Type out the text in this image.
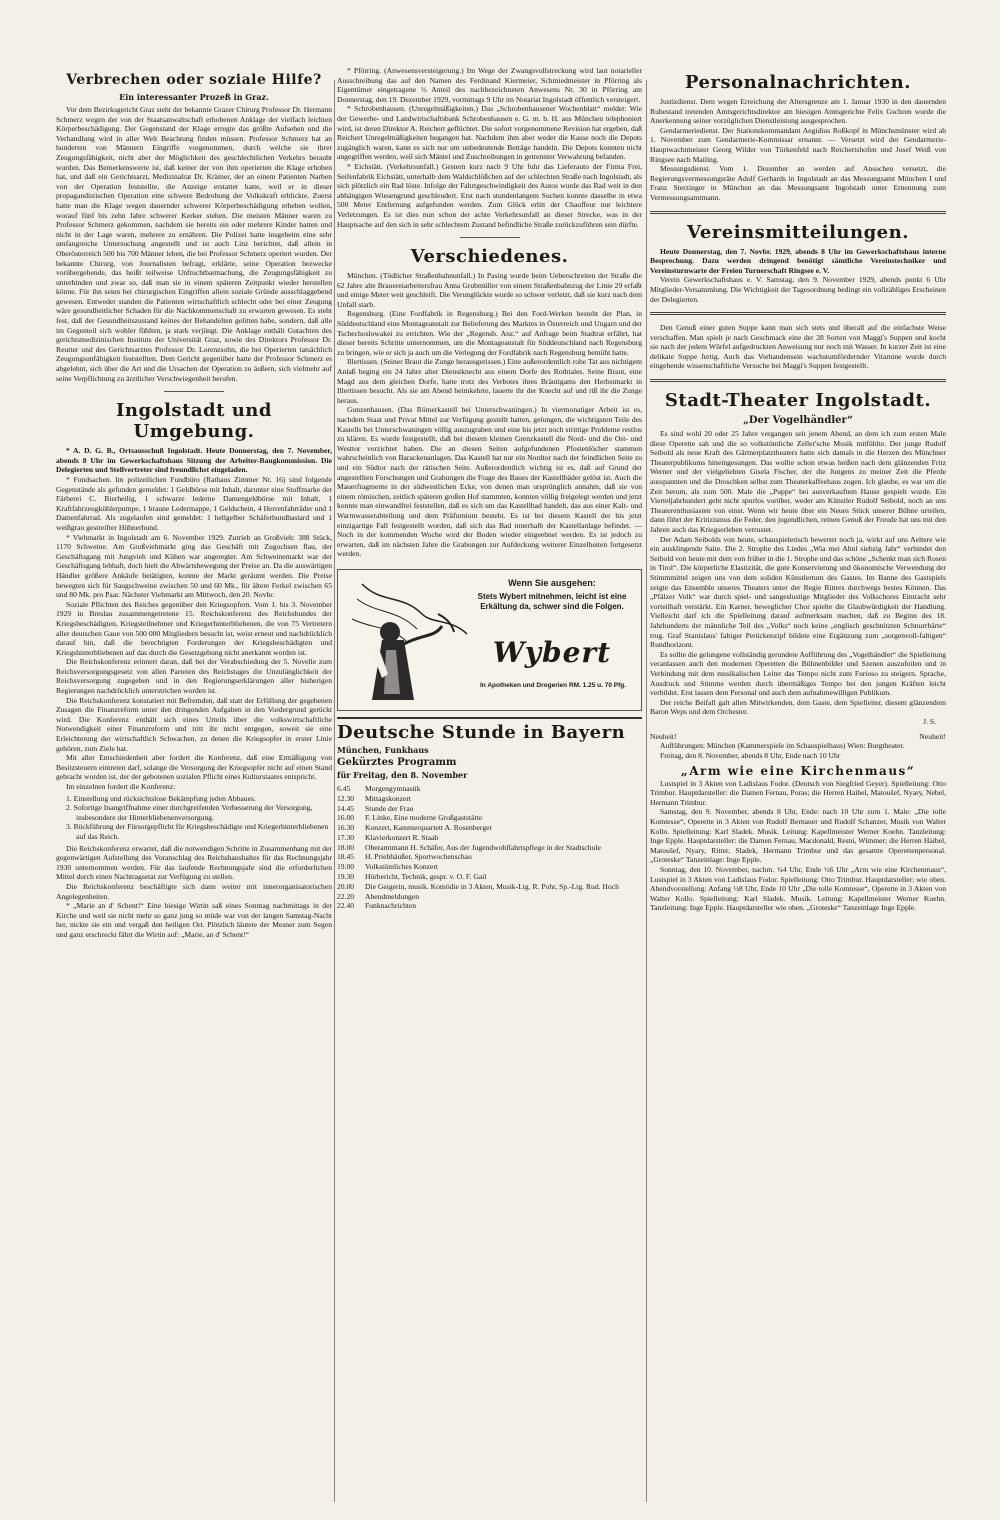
Verbrechen oder soziale Hilfe?
Ein interessanter Prozeß in Graz.

Vor dem Bezirksgericht Graz steht der bekannte Grazer Chirurg Professor Dr. Hermann Schmerz wegen der von der Staatsanwaltschaft erhobenen Anklage der vielfach leichten Körperbeschädigung. Der Gegenstand der Klage erregte das größte Aufsehen und die Verhandlung wird in aller Welt Beachtung finden müssen. Professor Schmerz hat an hunderten von Männern Eingriffe vorgenommen, durch welche sie ihrer Zeugungsfähigkeit, nicht aber der Möglichkeit des geschlechtlichen Verkehrs beraubt wurden. Das Bemerkenswerte ist, daß keiner der von ihm operierten die Klage erhoben hat, und daß ein Gerichtsarzt, Medizinalrat Dr. Krämer, der an einem Patienten Narben von der Operation feststellte, die Anzeige erstattet hatte, weil er in dieser propagandistischen Operation eine schwere Bedrohung der Volkskraft erblickte. Zuerst hatte man die Klage wegen dauernder schwerer Körperbeschädigung erheben wollen, worauf fünf bis zehn Jahre schwerer Kerker stehen. Die meisten Männer waren zu Professor Schmerz gekommen, nachdem sie bereits ein oder mehrere Kinder hatten und nicht in der Lage waren, mehrere zu ernähren. Die Polizei hatte insgeheim eine sehr umfangreiche Untersuchung angestellt und ist auch Linz berichtet, daß allein in Oberösterreich 500 bis 700 Männer leben, die bei Professor Schmerz operiert wurden. Der bekannte Chirurg, von Journalisten befragt, erklärte, seine Operation bezwecke vorübergehende, das heißt teilweise Unfruchtbarmachung, die Zeugungsfähigkeit zu unterbinden und zwar so, daß man sie in einem späteren Zeitpunkt wieder herstellen könne. Für ihn seien bei chirurgischen Eingriffen allein soziale Gründe ausschlaggebend gewesen. Entweder standen die Patienten wirtschaftlich schlecht oder bei einer Zeugung wäre gesundheitlicher Schaden für die Nachkommenschaft zu erwarten gewesen. Es steht fest, daß der Gesundheitszustand keines der Behandelten gelitten habe, sondern, daß alle im Gegenteil sich wohler fühlten, ja stark verjüngt. Die Anklage enthält Gutachten des gerichtsmedizinischen Instituts der Universität Graz, sowie des Direktors Professor Dr. Reutter und des Gerichtsarztes Professor Dr. Lorenzsohn, die bei Operierten tatsächlich Zeugungsunfähigkeit feststellten. Dem Gericht gegenüber hatte der Professor Schmerz es abgelehnt, sich über die Art und die Ursachen der Operation zu äußern, sich vielmehr auf seine Verpflichtung zu ärztlicher Verschwiegenheit berufen.

Ingolstadt und Umgebung.

* A. D. G. B., Ortsausschuß Ingolstadt. Heute Donnerstag, den 7. November, abends 8 Uhr im Gewerkschaftshaus Sitzung der Arbeiter-Baugkommission. Die Delegierten und Stellvertreter sind freundlichst eingeladen.

* Fundsachen. Im polizeilichen Fundbüro (Rathaus Zimmer Nr. 16) sind folgende Gegenstände als gefunden gemeldet: 1 Geldbörse mit Inhalt, darunter eine Stoffmarke der Färberei C. Bierheilig, 1 schwarze lederne Damengeldbörse mit Inhalt, 1 Kraftfahrzeugkühlerpumpe, 1 braune Ledermappe, 1 Geldschein, 4 Herrenfahrräder und 1 Damenfahrrad. Als zugelaufen sind gemeldet: 1 hellgelber Schäferhundbastard und 1 weißgrau gestreifter Hühnerhund.

* Viehmarkt in Ingolstadt am 6. November 1929. Zutrieb an Großvieh: 388 Stück, 1170 Schweine. Am Großviehmarkt ging das Geschäft mit Zugochsen flau, der Geschäftsgang mit Jungvieh und Kühen war angeregter. Am Schweinemarkt war der Geschäftsgang lebhaft, doch hielt die Abwärtsbewegung der Preise an. Da die auswärtigen Händler größere Ankäufe betätigten, konnte der Markt geräumt werden. Die Preise bewegten sich für Saugschweine zwischen 50 und 60 Mk., für ältere Ferkel zwischen 65 und 80 Mk. pro Paar. Nächster Viehmarkt am Mittwoch, den 20. Novbr.

Soziale Pflichten des Reiches gegenüber den Kriegsopfern. Vom 1. bis 3. November 1929 in Breslau zusammengetretene 15. Reichskonferenz des Reichsbundes der Kriegsbeschädigten, Kriegsteilnehmer und Kriegerhinterbliebenen, die von 75 Vertretern aller deutschen Gaue von 500 000 Mitgliedern besucht ist, weist erneut und nachdrücklich darauf hin, daß die berechtigten Forderungen der Kriegsbeschädigten und Kriegshinterbliebenen auf das durch die Gesetzgebung nicht anerkannt worden ist.

Die Reichskonferenz erinnert daran, daß bei der Verabschiedung der 5. Novelle zum Reichsversorgungsgesetz von allen Parteien des Reichstages die Unzulänglichkeit der Reichsversorgung zugegeben und in den Regierungserklärungen aller bisherigen Regierungen nachdrücklich unterstrichen worden ist.

Die Reichskonferenz konstatiert mit Befremden, daß statt der Erfüllung der gegebenen Zusagen die Finanzreform unter den dringenden Aufgaben in den Vordergrund gerückt wird. Die Konferenz enthält sich eines Urteils über die volkswirtschaftliche Notwendigkeit einer Finanzreform und tritt ihr nicht entgegen, soweit sie eine Erleichterung der wirtschaftlich Schwachen, zu denen die Kriegsopfer in erster Linie gehören, zum Ziele hat.

Mit aller Entschiedenheit aber fordert die Konferenz, daß eine Ermäßigung von Besitzsteuern eintreten darf, solange die Versorgung der Kriegsopfer nicht auf einen Stand gebracht worden ist, der der gebotenen sozialen Pflicht eines Kulturstaates entspricht.

Im einzelnen fordert die Konferenz:

1. Einstellung und rücksichtslose Bekämpfung jeden Abbaues.
2. Sofortige Inangriffnahme einer durchgreifenden Verbesserung der Versorgung, insbesondere der Hinterbliebenenversorgung.
3. Rückführung der Fürsorgepflicht für Kriegsbeschädigte und Kriegerhinterbliebenen auf das Reich.

Die Reichskonferenz erwartet, daß die notwendigen Schritte in Zusammenhang mit der gegenwärtigen Aufstellung des Voranschlag des Reichshaushaltes für das Rechnungsjahr 1930 unternommen werden. Für das laufende Rechnungsjahr sind die erforderlichen Mittel durch einen Nachtragsetat zur Verfügung zu stellen.

Die Reichskonferenz beschäftigte sich dann weiter mit innerorganisatorischen Angelegenheiten.

* „Marie an d' Schent!“ Eine hiesige Wirtin saß eines Sonntag nachmittags in der Kirche und weil sie nicht mehr so ganz jung so müde war von der langen Samstag-Nacht her, nickte sie ein und vergaß den heiligen Ort. Plötzlich läutete der Mesner zum Segen und ganz erschreckt fährt die Wirtin auf: „Marie, an d' Schent!“

* Pförring. (Anwesensversteigerung.) Im Wege der Zwangsvollstreckung wird laut notarieller Ausschreibung das auf den Namen des Ferdinand Kiermeier, Schmiedmeister in Pförring als Eigentümer eingetragene ½ Anteil des nachbezeichneten Anwesens Nr. 30 in Pförring am Donnerstag, den 19. Dezember 1929, vormittags 9 Uhr im Notariat Ingolstadt öffentlich versteigert.

* Schrobenhausen. (Unregelmäßigkeiten.) Das „Schrobenhausener Wochenblatt“ meldet: Wie der Gewerbe- und Landwirtschaftsbank Schrobenhausen e. G. m. b. H. aus München telephoniert wird, ist deren Direktor A. Reichert geflüchtet. Die sofort vorgenommene Revision hat ergeben, daß Reichert Unregelmäßigkeiten begangen hat. Nachdem ihm aber weder die Kasse noch die Depots zugänglich waren, kann es sich nur um unbedeutende Beträge handeln. Die Depots konnten nicht angegriffen werden, weil sich Mäntel und Zuschreibungen in getrennter Verwahrung befanden.

* Eichstätt. (Verkehrsunfall.) Gestern kurz nach 9 Uhr fuhr das Lieferauto der Firma Frei, Seifenfabrik Eichstätt, unterhalb dem Waldschlößchen auf der schlechten Straße nach Ingolstadt, als sich plötzlich ein Rad löste. Infolge der Fahrtgeschwindigkeit des Autos wurde das Rad weit in den abhängigen Wiesengrund geschleudert. Erst nach stundenlangem Suchen konnte dasselbe in etwa 500 Meter Entfernung aufgefunden werden. Zum Glück erlitt der Chauffeur nur leichtere Verletzungen. Es ist dies nun schon der achte Verkehrsunfall an dieser Strecke, was in der Hauptsache auf den sich in sehr schlechtem Zustand befindliche Straße zurückzuführen sein dürfte.

Verschiedenes.

München. (Tödlicher Straßenbahnunfall.) In Pasing wurde beim Ueberschreiten der Straße die 62 Jahre alte Brauereiarbeitersfrau Anna Grubmüller von einem Straßenbahnzug der Linie 29 erfaßt und einige Meter weit geschleift. Die Verunglückte wurde so schwer verletzt, daß sie kurz nach dem Unfall starb.

Regensburg. (Eine Fordfabrik in Regensburg.) Bei den Ford-Werken besteht der Plan, in Süddeutschland eine Montageanstalt zur Belieferung des Marktes in Österreich und Ungarn und der Tschechoslowakei zu errichten. Wie der „Regensb. Anz.“ auf Anfrage beim Stadtrat erfährt, hat dieser bereits Schritte unternommen, um die Montageanstalt für Süddeutschland nach Regensburg zu bringen, wie er sich ja auch um die Verlegung der Fordfabrik nach Regensburg bemüht hatte.

Illertissen. (Seiner Braut die Zunge herausgerissen.) Eine außerordentlich rohe Tat aus nichtigem Anlaß beging ein 24 Jahre alter Dienstknecht aus einem Dorfe des Rothtales. Seine Braut, eine Magd aus dem gleichen Dorfe, hatte trotz des Verbotes ihres Bräutigams den Herbstmarkt in Illertissen besucht. Als sie am Abend heimkehrte, lauerte ihr der Knecht auf und riß ihr die Zunge heraus.

Gunzenhausen. (Das Römerkastell bei Unterschwaningen.) In viermonatiger Arbeit ist es, nachdem Staat und Privat Mittel zur Verfügung gestellt hatten, gelungen, die wichtigsten Teile des Kastells bei Unterschwaningen völlig auszugraben und eine bis jetzt noch strittige Probleme restlos zu klären. Es wurde festgestellt, daß bei diesem kleinen Grenzkastell die Nord- und die Ost- und Westtor verzichtet haben. Die an diesen Seiten aufgefundenen Pfostenlöcher stammen wahrscheinlich von Barackenanlagen. Das Kastell hat nur ein Nordtor nach der feindlichen Seite zu und ein Südtor nach der rätischen Seite. Außerordentlich wichtig ist es, daß auf Grund der angestellten Forschungen und Grabungen die Frage des Baues der Kastellbäder gelöst ist. Auch die Mauerfragmente in der südwestlichen Ecke, von denen man ursprünglich annahm, daß sie von einem römischen, zeitlich späteren großen Hof stammten, konnten völlig freigelegt werden und jetzt konnte man einwandfrei feststellen, daß es sich um das Kastellbad handelt, das aus einer Kalt- und Warmwasserabteilung und dem Präfurnium besteht. Es ist bei diesem Kastell der bis jetzt einzigartige Fall festgestellt worden, daß sich das Bad innerhalb der Kastellanlage befindet. — Noch in der kommenden Woche wird der Boden wieder eingeebnet werden. Es ist jedoch zu erwarten, daß im nächsten Jahre die Grabungen zur Aufdeckung weiterer Einzelheiten fortgesetzt werden.

Wenn Sie ausgehen:
Stets Wybert mitnehmen, leicht ist eine Erkältung da, schwer sind die Folgen.
Wybert
In Apotheken und Drogerien RM. 1.25 u. 70 Pfg.
Deutsche Stunde in Bayern
München, Funkhaus
Gekürztes Programm
für Freitag, den 8. November
6.45	Morgengymnastik
12.30	Mittagskonzert
14.45	Stunde der Frau
16.00	F. Linke, Eine moderne Großgaststätte
16.30	Konzert, Kammerquartett A. Rosenberger
17.30	Klavierkonzert R. Staab
18.00	Oberamtmann H. Schäfer, Aus der Jugendwohlfahrtspflege in der Stadtschule
18.45	H. Priebhäußer, Sportwochenschau
19.00	Volkstümliches Konzert
19.30	Hörbericht, Technik, gespr. v. O. F. Gail
20.00	Die Geigerin, musik. Komödie in 3 Akten, Musik-Ltg. R. Pohr, Sp.-Ltg. Rud. Hoch
22.20	Abendmeldungen
22.40	Funknachrichten
Personalnachrichten.

Justizdienst. Dem wegen Erreichung der Altersgrenze am 1. Januar 1930 in den dauernden Ruhestand tretenden Amtsgerichtsdirektor am hiesigen Amtsgerichte Felix Gschren wurde die Anerkennung seiner vorzüglichen Dienstleistung ausgesprochen.

Gendarmeriedienst. Der Stationskommandant Aegidius Roßkopf in Münchsmünster wird ab 1. November zum Gendarmerie-Kommissar ernannt. — Versetzt wird der Gendarmerie-Hauptwachtmeister Georg Wilder von Türkenfeld nach Reichertshofen und Josef Weiß von Ringsee nach Mailing.

Messungsdienst. Vom 1. Dezember an werden auf Ansuchen versetzt, die Regierungsvermessungsräte Adolf Gerhards in Ingolstadt an das Messungsamt München I und Franz Sterzinger in München an das Messungsamt Ingolstadt unter Ernennung zum Vermessungsamtmann.

Vereinsmitteilungen.

Heute Donnerstag, den 7. Novbr. 1929, abends 8 Uhr im Gewerkschaftshaus interne Besprechung. Dazu werden dringend benötigt sämtliche Vereinstechniker und Vereinsturnwarte der Freien Turnerschaft Ringsee e. V.

Verein Gewerkschaftshaus e. V. Samstag, den 9. November 1929, abends punkt 6 Uhr Mitglieder-Versammlung. Die Wichtigkeit der Tagesordnung bedingt ein vollzähliges Erscheinen der Delegierten.

Den Genuß einer guten Suppe kann man sich stets und überall auf die einfachste Weise verschaffen. Man spielt je nach Geschmack eine der 28 Sorten von Maggi's Suppen und kocht sie nach der jedem Würfel aufgedruckten Anweisung nur noch mit Wasser. In kurzer Zeit ist eine delikate Suppe fertig. Auch das Vorhandensein wachstumfördernder Vitamine wurde durch eingehende wissenschaftliche Versuche bei Maggi's Suppen festgestellt.

Stadt-Theater Ingolstadt.
„Der Vogelhändler“

Es sind wohl 20 oder 25 Jahre vergangen seit jenem Abend, an dem ich zum ersten Male diese Operette sah und die so volkstümliche Zeller'sche Musik mitfühlte. Der junge Rudolf Seibold als neue Kraft des Gärtnerplatztheaters hatte sich damals in die Herzen des Münchner Theaterpublikums hineingesungen. Das wollte schon etwas heißen nach dem glänzenden Fritz Werner und der vielgeliebten Gisela Fischer, der die Jungens zu meiner Zeit die Pferde ausspannten und die Droschken selbst zum Theaterkaffeehaus zogen. Ich glaube, es war um die Zeit herum, als zum 500. Male die „Puppe“ bei ausverkauftem Hause gespielt wurde. Ein Vierteljahrhundert geht nicht spurlos vorüber, weder am Künstler Rudolf Seibold, noch an uns Theaterenthusiasten von einst. Wenn wir heute über ein Neues Stück unserer Bühne urteilen, dann führt der Kritizismus die Feder, den jugendlichen, reinen Genuß der Freude hat uns mit den Jahren auch das Kriegserleben verrustet.

Der Adam Seibolds von heute, schauspielerisch bewertet noch ja, wirkt auf uns Aeltere wie ein ausklingende Saite. Die 2. Strophe des Liedes „Wia mei Ahnl siebzig Jahr“ verbindet den Seibold von heute mit dem von früher in die 1. Strophe und das schöne „Schenkt man sich Rosen in Tirol“. Die körperliche Elastizität, die gute Konservierung und ökonomische Verwendung der Stimmmittel zeigen uns von dem soliden Künstlertum des Gastes. Im Banne des Gastspiels zeigte das Ensemble unseres Theaters unter der Regie Ritters durchwegs bestes Können. Das „Pfälzer Volk“ war durch spiel- und sangeslustige Mitglieder des Volkschores Eintracht sehr vorteilhaft verstärkt. Ein Karner, beweglicher Chor spielte die Glaubwürdigkeit der Handlung. Vielleicht darf ich die Spielleitung darauf aufmerksam machen, daß zu Beginn des 18. Jahrhunderts der männliche Teil des „Volks“ noch keine „englisch geschnitzten Schnurrbärte“ trug. Graf Stanislaus' faltiger Perückenzipf bildete eine Ergänzung zum „sorgenvoll-faltigen“ Rundhorizont.

Es sollte die gelungene vollständig gerundete Aufführung des „Vogelhändler“ die Spielleitung veranlassen auch den modernen Operetten die Bühnenbilder und Szenen auszufeilen und in Verbindung mit dem musikalischen Leiter das Tempo nicht zum Furioso zu steigern. Sprache, Ausdruck und Stimme werden durch übermäßiges Tempo bei den jungen Kräften leicht verbildet. Erst lassen dem Personal und auch dem aufnahmewilligen Publikum.

Der reiche Beifall galt allen Mitwirkenden, dem Gaste, dem Spielleiter, diesem glänzendem Baron Weps und dem Orchester.

J. S.
Neuheit!	Neuheit!

Aufführungen: München (Kammerspiele im Schauspielhaus) Wien: Burgtheater.

Freitag, den 8. November, abends 8 Uhr, Ende nach 10 Uhr

„Arm wie eine Kirchenmaus“

Lustspiel in 3 Akten von Ladislaus Fodor. (Deutsch von Siegfried Geyer). Spielleitung: Otto Trimbur. Hauptdarsteller: die Damen Fernau, Poras; die Herren Haibel, Matoušef, Nyary, Nebel, Hermann Trimbur.

Samstag, den 9. November, abends 8 Uhr, Ende: nach 10 Uhr zum 1. Male: „Die tolle Komtesse“, Operette in 3 Akten von Rudolf Bernauer und Rudolf Schanzer, Musik von Walter Kollo. Spielleitung: Karl Sladek. Musik. Leitung: Kapellmeister Werner Koehn. Tanzleitung: Inge Epple. Hauptdarsteller: die Damen Fernau, Macdonald, Resni, Wimmer; die Herren Haibel, Matoušef, Nyary, Ritter, Sladek, Hermann Trimbur und das gesamte Operettenpersonal. „Groteske“ Tanzeinlage: Inge Epple.

Sonntag, den 10. November, nachm. ¼4 Uhr, Ende ½6 Uhr „Arm wie eine Kirchenmaus“, Lustspiel in 3 Akten von Ladislaus Fodor. Spielleitung: Otto Trimbur. Hauptdarsteller: wie oben. Abendvorstellung: Anfang ½8 Uhr, Ende 10 Uhr „Die tolle Komtesse“, Operette in 3 Akten von Walter Kollo. Spielleitung: Karl Sladek. Musik. Leitung: Kapellmeister Werner Koehn. Tanzleitung: Inge Epple. Hauptdarsteller wie oben. „Groteske“ Tanzeinlage Inge Epple.
